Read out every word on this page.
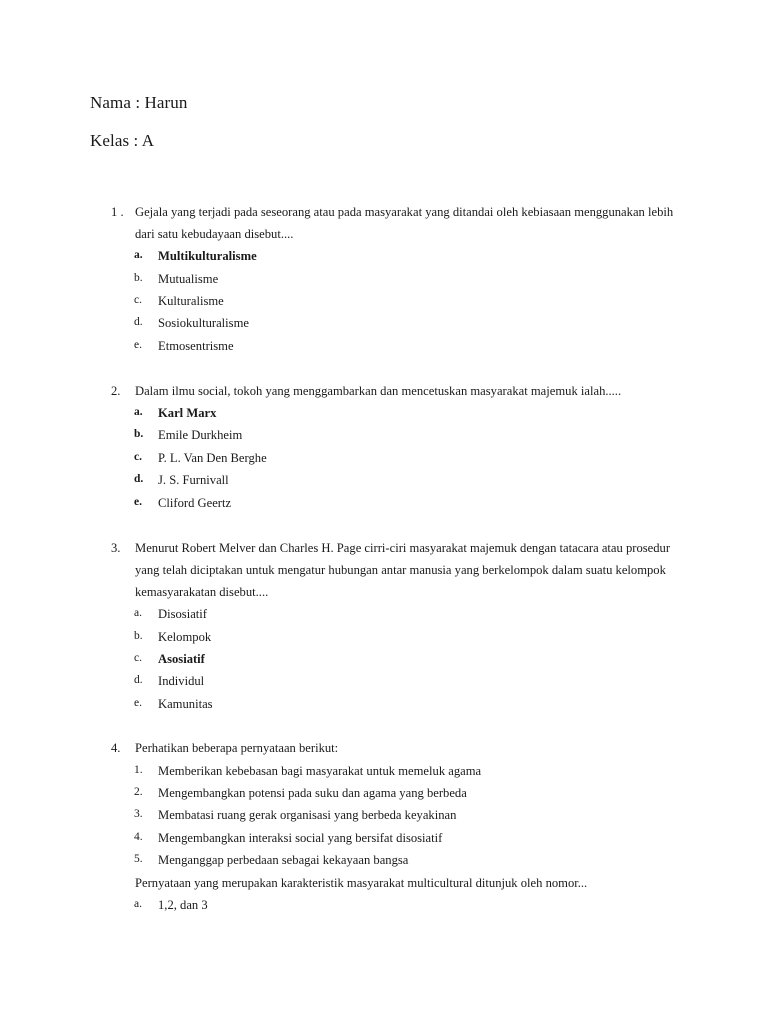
Nama : Harun
Kelas : A
1 . Gejala yang terjadi pada seseorang atau pada masyarakat yang ditandai oleh kebiasaan menggunakan lebih
dari satu kebudayaan disebut....
a. Multikulturalisme
b. Mutualisme
c. Kulturalisme
d. Sosiokulturalisme
e. Etmosentrisme
2. Dalam ilmu social, tokoh yang menggambarkan dan mencetuskan masyarakat majemuk ialah.....
a. Karl Marx
b. Emile Durkheim
c. P. L. Van Den Berghe
d. J. S. Furnivall
e. Cliford Geertz
3. Menurut Robert Melver dan Charles H. Page cirri-ciri masyarakat majemuk dengan tatacara atau prosedur
yang telah diciptakan untuk mengatur hubungan antar manusia yang berkelompok dalam suatu kelompok
kemasyarakatan disebut....
a. Disosiatif
b. Kelompok
c. Asosiatif
d. Individul
e. Kamunitas
4. Perhatikan beberapa pernyataan berikut:
1. Memberikan kebebasan bagi masyarakat untuk memeluk agama
2. Mengembangkan potensi pada suku dan agama yang berbeda
3. Membatasi ruang gerak organisasi yang berbeda keyakinan
4. Mengembangkan interaksi social yang bersifat disosiatif
5. Menganggap perbedaan sebagai kekayaan bangsa
Pernyataan yang merupakan karakteristik masyarakat multicultural ditunjuk oleh nomor...
a. 1,2, dan 3
